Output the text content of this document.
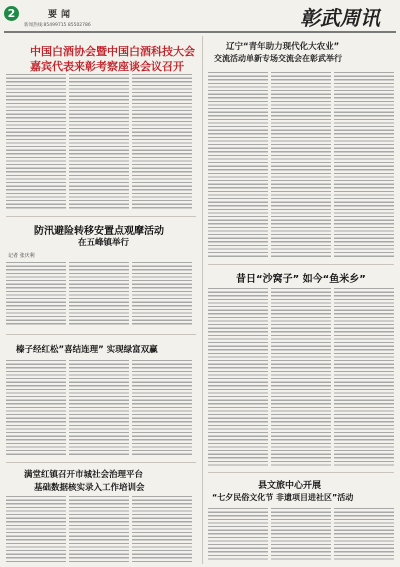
2	要闻
新闻热线:85499715 85502786	彰武周讯
中国白酒协会暨中国白酒科技大会
嘉宾代表来彰考察座谈会议召开
辽宁“青年助力现代化大农业”
交流活动单新专场交流会在彰武举行
防汛避险转移安置点观摩活动
在五峰镇举行
记者 张庆利
榛子经红松”喜结连理” 实现绿富双赢
昔日“沙窝子” 如今“鱼米乡”
满堂红镇召开市城社会治理平台
基础数据核实录入工作培训会	县文旅中心开展
“七夕民俗文化节 非遗项目进社区”活动
